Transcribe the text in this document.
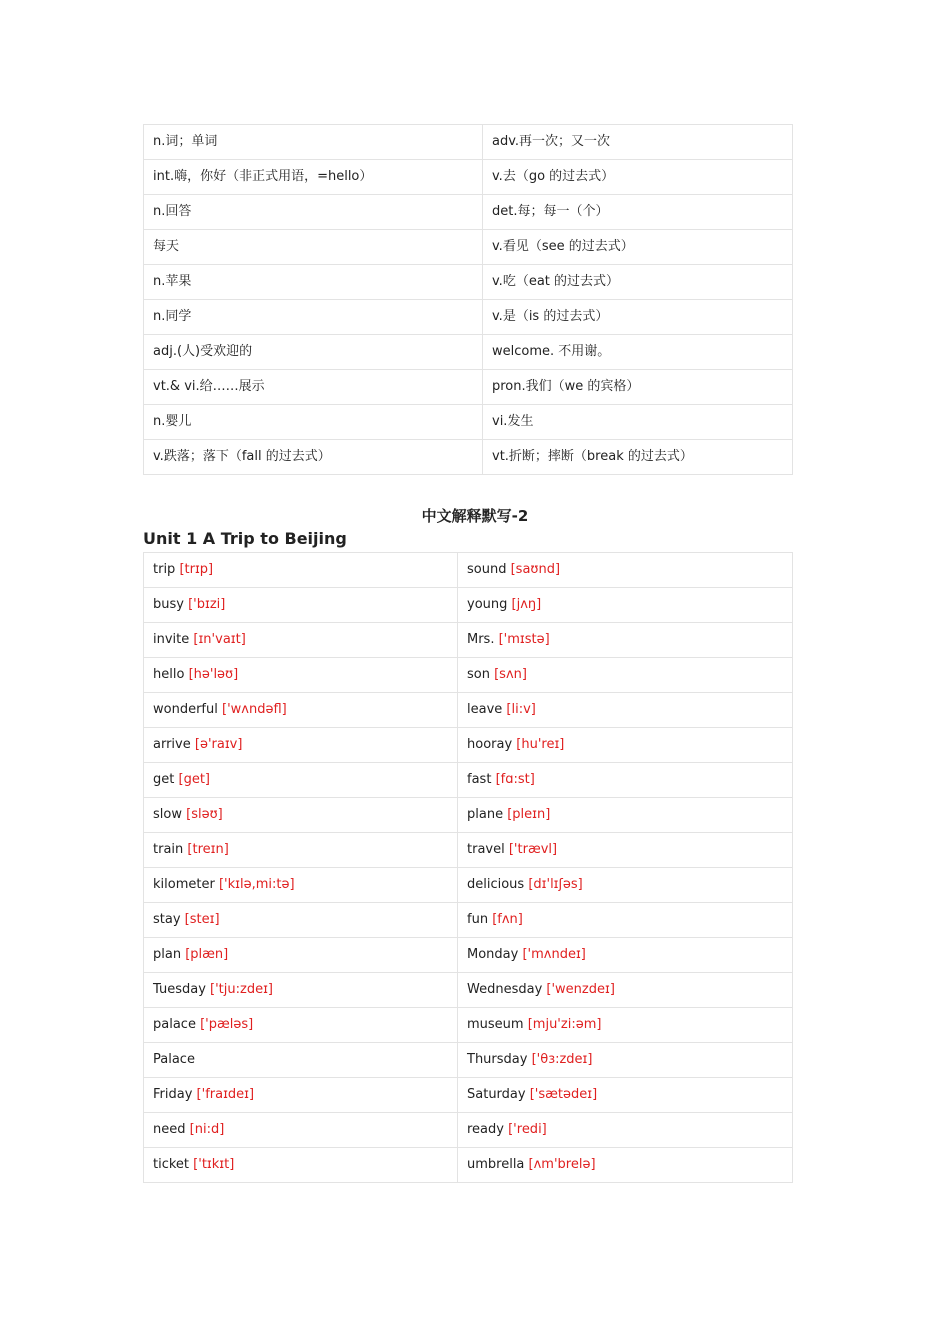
n.词；单词	adv.再一次；又一次
int.嗨，你好（非正式用语，=hello）	v.去（go 的过去式）
n.回答	det.每；每一（个）
每天	v.看见（see 的过去式）
n.苹果	v.吃（eat 的过去式）
n.同学	v.是（is 的过去式）
adj.(人)受欢迎的	welcome. 不用谢。
vt.& vi.给……展示	pron.我们（we 的宾格）
n.婴儿	vi.发生
v.跌落；落下（fall 的过去式）	vt.折断；摔断（break 的过去式）
中文解释默写-2
Unit 1 A Trip to Beijing
trip [trɪp]	sound [saʊnd]
busy ['bɪzi]	young [jʌŋ]
invite [ɪn'vaɪt]	Mrs. ['mɪstə]
hello [hə'ləʊ]	son [sʌn]
wonderful ['wʌndəfl]	leave [li:v]
arrive [ə'raɪv]	hooray [hu'reɪ]
get [get]	fast [fɑ:st]
slow [sləʊ]	plane [pleɪn]
train [treɪn]	travel ['trævl]
kilometer ['kɪlə,mi:tə]	delicious [dɪ'lɪʃəs]
stay [steɪ]	fun [fʌn]
plan [plæn]	Monday ['mʌndeɪ]
Tuesday ['tju:zdeɪ]	Wednesday ['wenzdeɪ]
palace ['pæləs]	museum [mju'zi:əm]
Palace	Thursday ['θɜ:zdeɪ]
Friday ['fraɪdeɪ]	Saturday ['sætədeɪ]
need [ni:d]	ready ['redi]
ticket ['tɪkɪt]	umbrella [ʌm'brelə]
